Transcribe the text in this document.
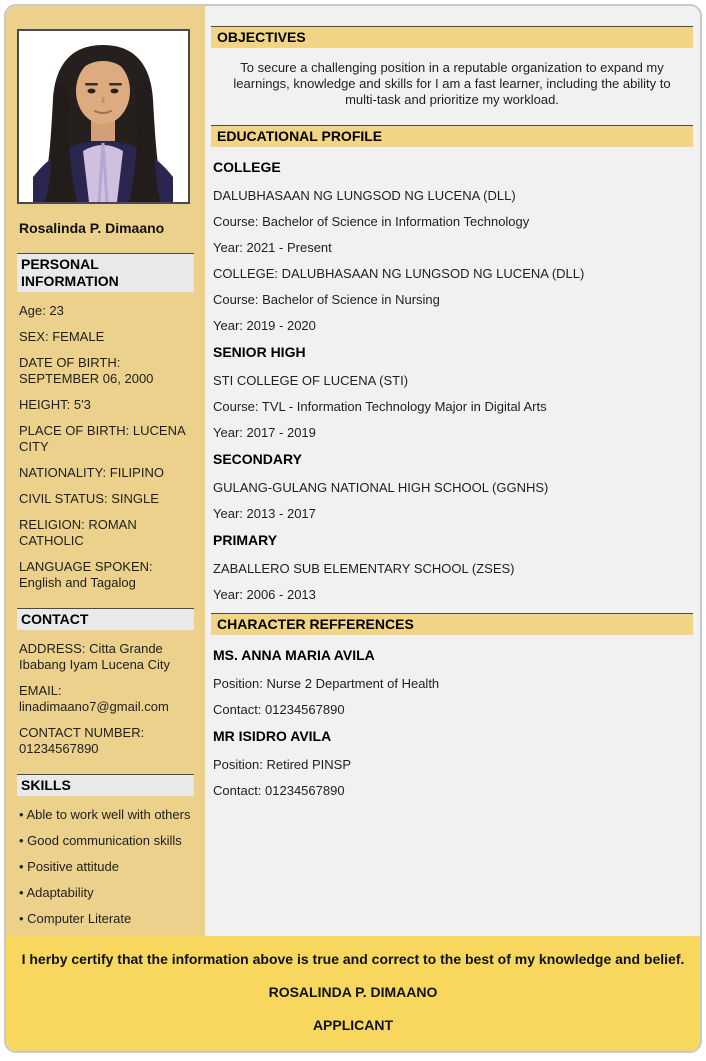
Rosalinda P. Dimaano
PERSONAL INFORMATION
Age: 23
SEX: FEMALE
DATE OF BIRTH: SEPTEMBER 06, 2000
HEIGHT: 5'3
PLACE OF BIRTH: LUCENA CITY
NATIONALITY: FILIPINO
CIVIL STATUS: SINGLE
RELIGION: ROMAN CATHOLIC
LANGUAGE SPOKEN: English and Tagalog
CONTACT
ADDRESS: Citta Grande Ibabang Iyam Lucena City
EMAIL: linadimaano7@gmail.com
CONTACT NUMBER: 01234567890
SKILLS
• Able to work well with others
• Good communication skills
• Positive attitude
• Adaptability
• Computer Literate
OBJECTIVES

To secure a challenging position in a reputable organization to expand my learnings, knowledge and skills for I am a fast learner, including the ability to multi-task and prioritize my workload.

EDUCATIONAL PROFILE
COLLEGE

DALUBHASAAN NG LUNGSOD NG LUCENA (DLL)

Course: Bachelor of Science in Information Technology

Year: 2021 - Present

COLLEGE: DALUBHASAAN NG LUNGSOD NG LUCENA (DLL)

Course: Bachelor of Science in Nursing

Year: 2019 - 2020

SENIOR HIGH

STI COLLEGE OF LUCENA (STI)

Course: TVL - Information Technology Major in Digital Arts

Year: 2017 - 2019

SECONDARY

GULANG-GULANG NATIONAL HIGH SCHOOL (GGNHS)

Year: 2013 - 2017

PRIMARY

ZABALLERO SUB ELEMENTARY SCHOOL (ZSES)

Year: 2006 - 2013

CHARACTER REFFERENCES
MS. ANNA MARIA AVILA

Position: Nurse 2 Department of Health

Contact: 01234567890

MR ISIDRO AVILA

Position: Retired PINSP

Contact: 01234567890

I herby certify that the information above is true and correct to the best of my knowledge and belief.

ROSALINDA P. DIMAANO

APPLICANT
